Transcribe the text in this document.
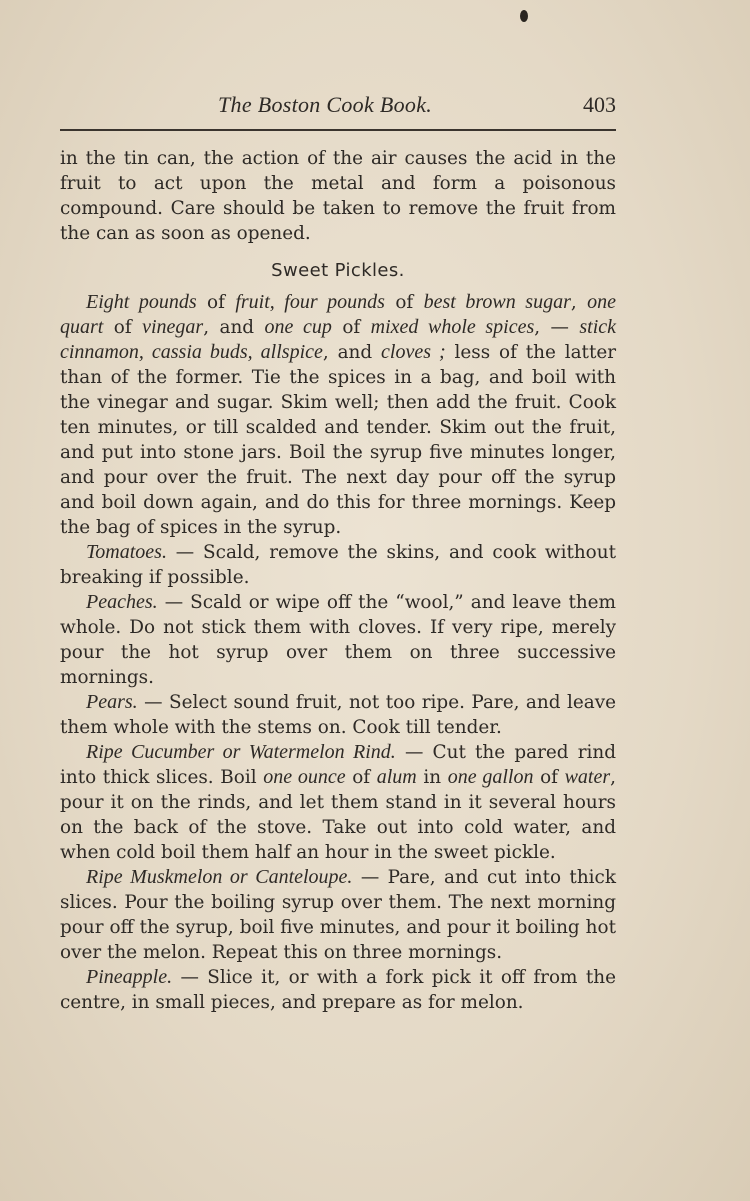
The Boston Cook Book.	403

in the tin can, the action of the air causes the acid in the fruit to act upon the metal and form a poisonous compound. Care should be taken to remove the fruit from the can as soon as opened.

Sweet Pickles.

Eight pounds of fruit, four pounds of best brown sugar, one quart of vinegar, and one cup of mixed whole spices, — stick cinnamon, cassia buds, allspice, and cloves ; less of the latter than of the former. Tie the spices in a bag, and boil with the vinegar and sugar. Skim well; then add the fruit. Cook ten minutes, or till scalded and tender. Skim out the fruit, and put into stone jars. Boil the syrup five minutes longer, and pour over the fruit. The next day pour off the syrup and boil down again, and do this for three mornings. Keep the bag of spices in the syrup.

Tomatoes. — Scald, remove the skins, and cook without breaking if possible.

Peaches. — Scald or wipe off the “wool,” and leave them whole. Do not stick them with cloves. If very ripe, merely pour the hot syrup over them on three successive mornings.

Pears. — Select sound fruit, not too ripe. Pare, and leave them whole with the stems on. Cook till tender.

Ripe Cucumber or Watermelon Rind. — Cut the pared rind into thick slices. Boil one ounce of alum in one gallon of water, pour it on the rinds, and let them stand in it several hours on the back of the stove. Take out into cold water, and when cold boil them half an hour in the sweet pickle.

Ripe Muskmelon or Canteloupe. — Pare, and cut into thick slices. Pour the boiling syrup over them. The next morning pour off the syrup, boil five minutes, and pour it boiling hot over the melon. Repeat this on three mornings.

Pineapple. — Slice it, or with a fork pick it off from the centre, in small pieces, and prepare as for melon.
